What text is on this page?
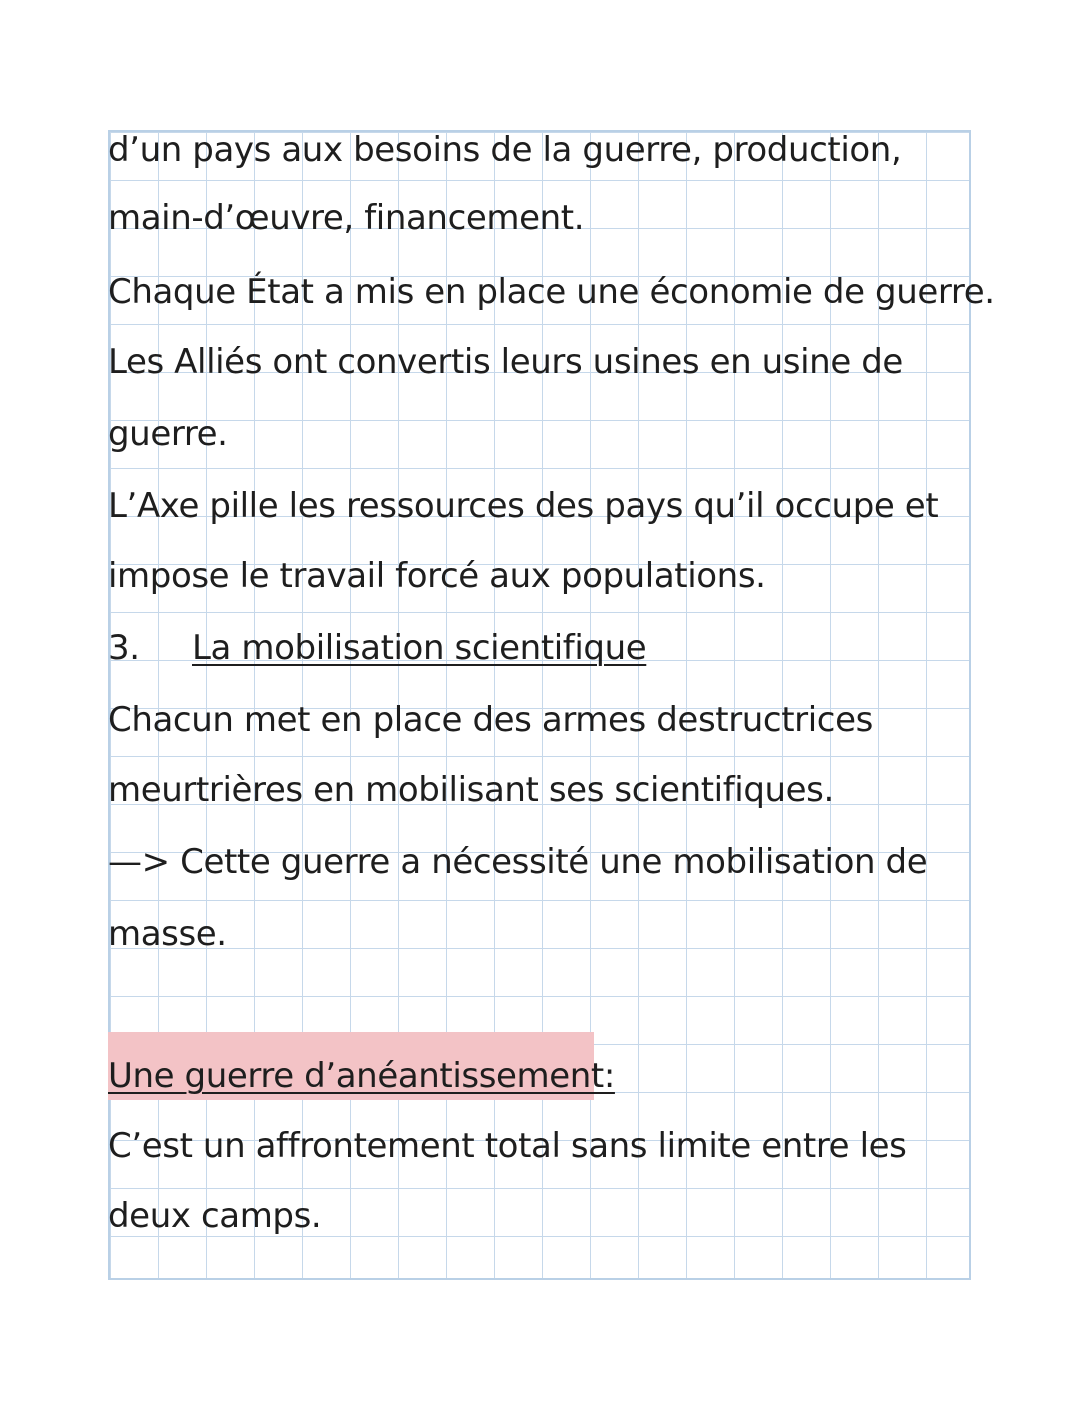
d’un pays aux besoins de la guerre, production,
main-d’œuvre, financement.
Chaque État a mis en place une économie de guerre.
Les Alliés ont convertis leurs usines en usine de
guerre.
L’Axe pille les ressources des pays qu’il occupe et
impose le travail forcé aux populations.
3. La mobilisation scientifique
Chacun met en place des armes destructrices
meurtrières en mobilisant ses scientifiques.
—> Cette guerre a nécessité une mobilisation de
masse.
Une guerre d’anéantissement:
C’est un affrontement total sans limite entre les
deux camps.
